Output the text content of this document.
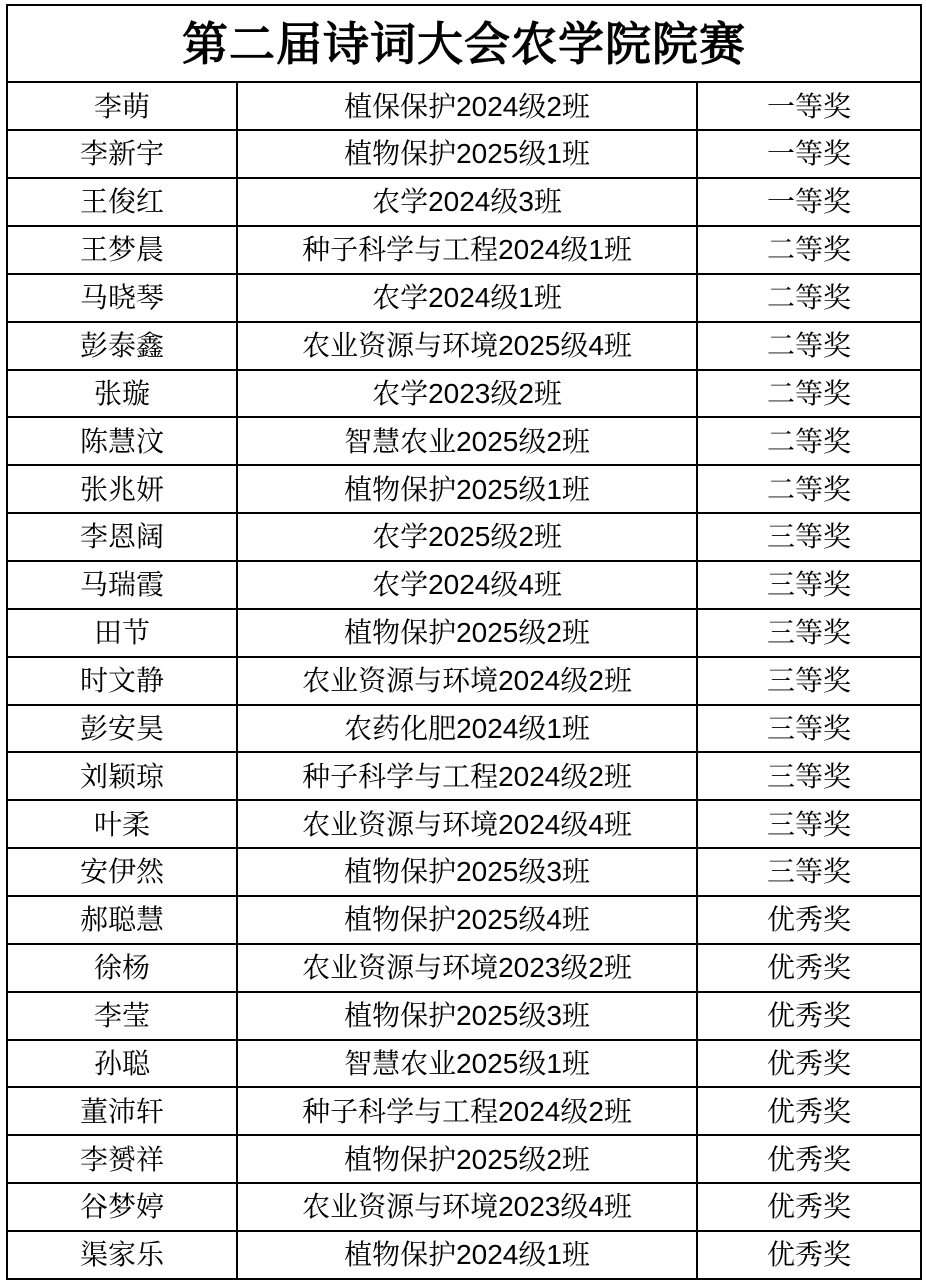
第二届诗词大会农学院院赛		
李萌	植保保护2024级2班	一等奖
李新宇	植物保护2025级1班	一等奖
王俊红	农学2024级3班	一等奖
王梦晨	种子科学与工程2024级1班	二等奖
马晓琴	农学2024级1班	二等奖
彭泰鑫	农业资源与环境2025级4班	二等奖
张璇	农学2023级2班	二等奖
陈慧汶	智慧农业2025级2班	二等奖
张兆妍	植物保护2025级1班	二等奖
李恩阔	农学2025级2班	三等奖
马瑞霞	农学2024级4班	三等奖
田节	植物保护2025级2班	三等奖
时文静	农业资源与环境2024级2班	三等奖
彭安昊	农药化肥2024级1班	三等奖
刘颖琼	种子科学与工程2024级2班	三等奖
叶柔	农业资源与环境2024级4班	三等奖
安伊然	植物保护2025级3班	三等奖
郝聪慧	植物保护2025级4班	优秀奖
徐杨	农业资源与环境2023级2班	优秀奖
李莹	植物保护2025级3班	优秀奖
孙聪	智慧农业2025级1班	优秀奖
董沛轩	种子科学与工程2024级2班	优秀奖
李赟祥	植物保护2025级2班	优秀奖
谷梦婷	农业资源与环境2023级4班	优秀奖
渠家乐	植物保护2024级1班	优秀奖
